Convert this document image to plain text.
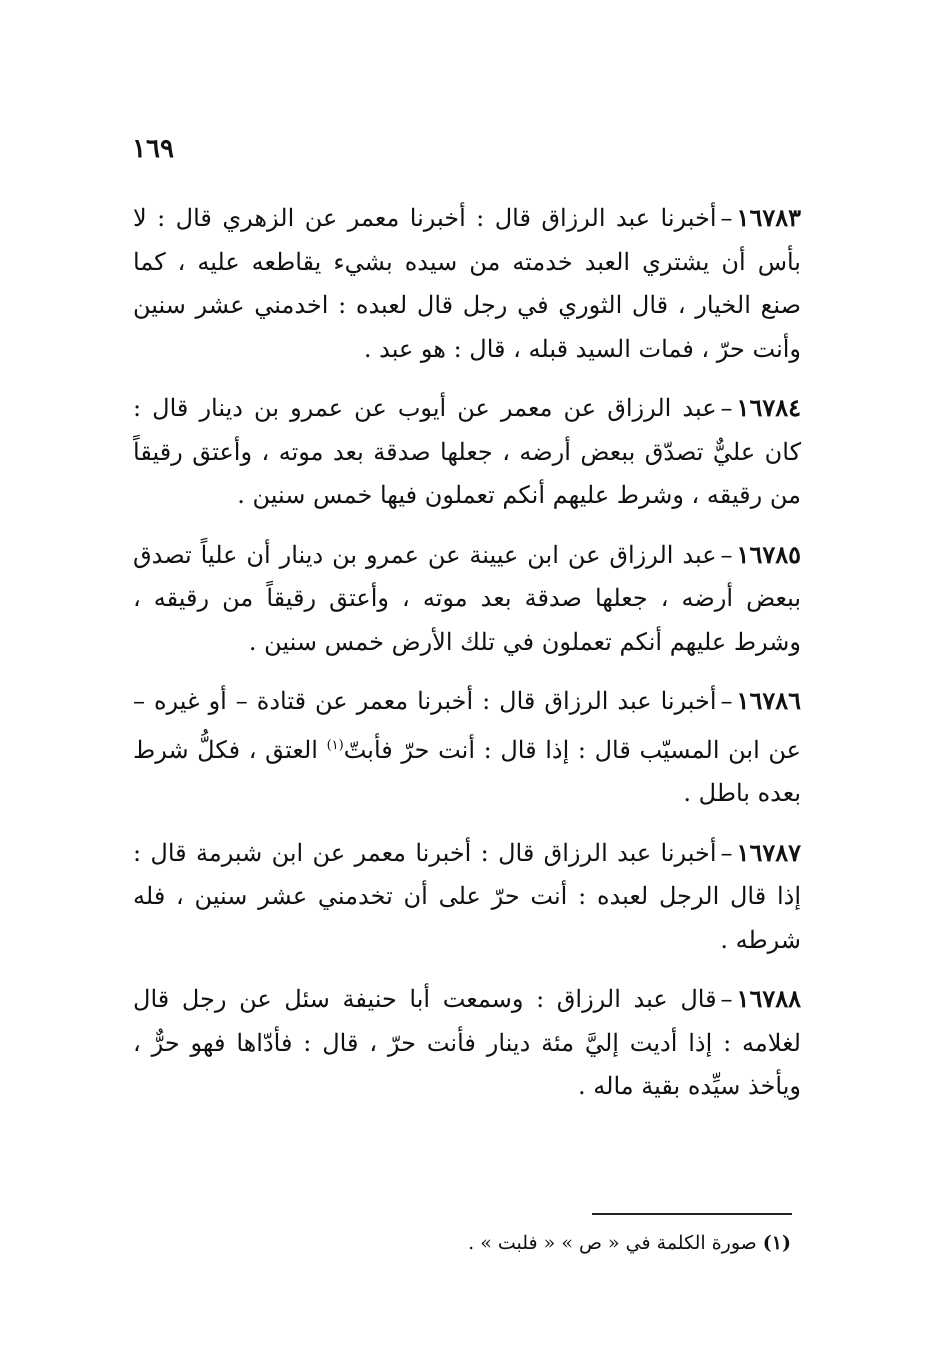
١٦٩

١٦٧٨٣–أخبرنا عبد الرزاق قال : أخبرنا معمر عن الزهري قال : لا بأس أن يشتري العبد خدمته من سيده بشيء يقاطعه عليه ، كما صنع الخيار ، قال الثوري في رجل قال لعبده : اخدمني عشر سنين وأنت حرّ ، فمات السيد قبله ، قال : هو عبد .

١٦٧٨٤–عبد الرزاق عن معمر عن أيوب عن عمرو بن دينار قال : كان عليٌّ تصدّق ببعض أرضه ، جعلها صدقة بعد موته ، وأعتق رقيقاً من رقيقه ، وشرط عليهم أنكم تعملون فيها خمس سنين .

١٦٧٨٥–عبد الرزاق عن ابن عيينة عن عمرو بن دينار أن علياً تصدق ببعض أرضه ، جعلها صدقة بعد موته ، وأعتق رقيقاً من رقيقه ، وشرط عليهم أنكم تعملون في تلك الأرض خمس سنين .

١٦٧٨٦–أخبرنا عبد الرزاق قال : أخبرنا معمر عن قتادة – أو غيره – عن ابن المسيّب قال : إذا قال : أنت حرّ فأبتّ$^{(١)}$ العتق ، فكلُّ شرط بعده باطل .

١٦٧٨٧–أخبرنا عبد الرزاق قال : أخبرنا معمر عن ابن شبرمة قال : إذا قال الرجل لعبده : أنت حرّ على أن تخدمني عشر سنين ، فله شرطه .

١٦٧٨٨–قال عبد الرزاق : وسمعت أبا حنيفة سئل عن رجل قال لغلامه : إذا أديت إليَّ مئة دينار فأنت حرّ ، قال : فأدّاها فهو حرٌّ ، ويأخذ سيِّده بقية ماله .

(١)صورة الكلمة في « ص » « فلبت » .
